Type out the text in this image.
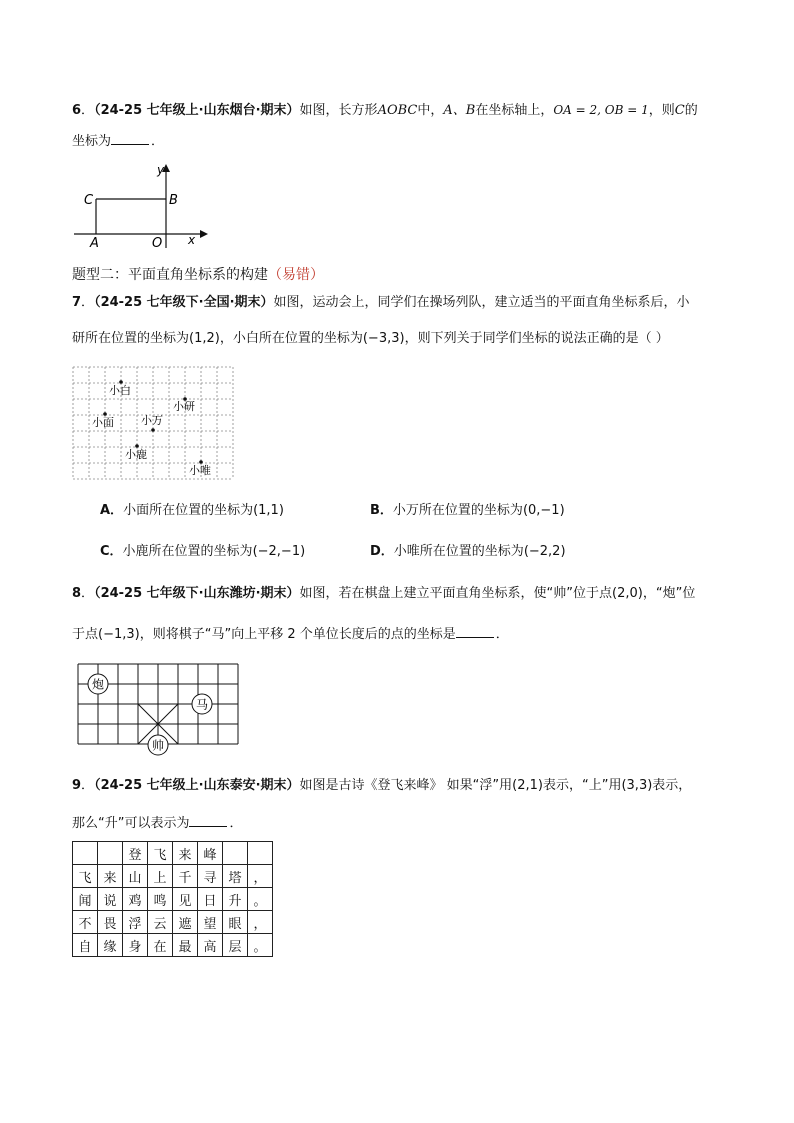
6．（24-25 七年级上·山东烟台·期末）如图，长方形AOBC中，A、B在坐标轴上，OA = 2, OB = 1，则C的
坐标为	．
C	B
A	O x
y
题型二：平面直角坐标系的构建（易错）
7．（24-25 七年级下·全国·期末）如图，运动会上，同学们在操场列队，建立适当的平面直角坐标系后，小
研所在位置的坐标为(1,2)，小白所在位置的坐标为(−3,3)，则下列关于同学们坐标的说法正确的是（ ）
小白
小研
小面 小万
小鹿
小唯
A．小面所在位置的坐标为(1,1)	B．小万所在位置的坐标为(0,−1)
C．小鹿所在位置的坐标为(−2,−1)	D．小唯所在位置的坐标为(−2,2)
8．（24-25 七年级下·山东潍坊·期末）如图，若在棋盘上建立平面直角坐标系，使“帅”位于点(2,0)，“炮”位
于点(−1,3)，则将棋子“马”向上平移 2 个单位长度后的点的坐标是	．
炮
马
帅
9．（24-25 七年级上·山东泰安·期末）如图是古诗《登飞来峰》 如果“浮”用(2,1)表示，“上”用(3,3)表示，
那么“升”可以表示为	．
		登	飞	来	峰		
飞	来	山	上	千	寻	塔	，
闻	说	鸡	鸣	见	日	升	。
不	畏	浮	云	遮	望	眼	，
自	缘	身	在	最	高	层	。
